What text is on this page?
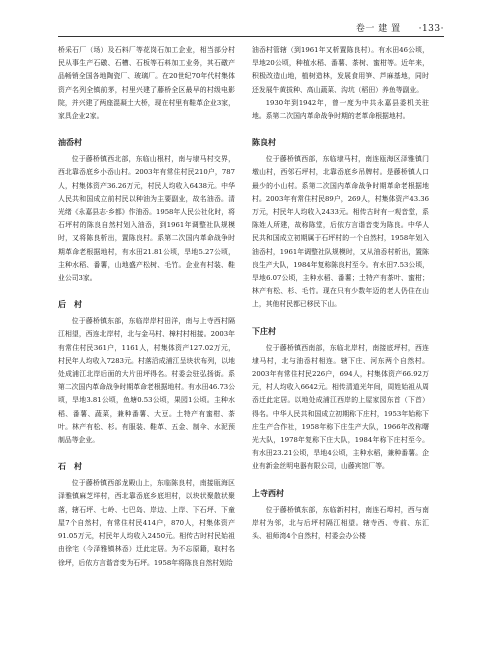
卷一 建 置 ·133·

桥采石厂（场）及石料厂等花岗石加工企业，相当部分村民从事生产石礅、石槽、石板等石料加工业务，其石礅产品畅销全国各地陶瓷厂、玻璃厂。在20世纪70年代村集体资产名列全镇前茅，村里兴建了藤桥全区最早的村级电影院，并兴建了两座混凝土大桥，现在村里有鞋革企业3家，家具企业2家。

油岙村

位于藤桥镇西北部，东临山根村，南与埭马村交界，西北靠岙底乡小岙山村。2003年有常住村民210户，787人，村集体资产36.26万元，村民人均收入6438元。中华人民共和国成立前村民以种油为主要副业，故名油岙。清光绪《永嘉县志·乡都》作油岙。1958年人民公社化时，将石坪村的陈良自然村划入油岙，到1961年调整社队规模时，又将陈良析出，置陈良村。系第二次国内革命战争时期革命老根据地村，有水田21.81公顷，旱地5.27公顷，主种水稻、番薯，山地盛产松树、毛竹。企业有村装、鞋业公司3家。

后　村

位于藤桥镇东部，东临岸岸村田洋，南与上寺西村隔江相望，西连北岸村，北与金马村、樟村村相接。2003年有常住村民361户，1161人，村集体资产127.02万元，村民年人均收入7283元。村落沿成浦江呈块状布列，以地处成浦江北岸后面的大片田坪得名。村委会驻弘扬街。系第二次国内革命战争时期革命老根据地村。有水田46.73公顷，旱地3.81公顷，鱼塘0.53公顷，果园1公顷。主种水稻、番薯、蔬菜，兼种番薯、大豆。土特产有蜜柑、茶叶。林产有松、杉。有服装、鞋革、五金、制伞、水泥预制品等企业。

石　村

位于藤桥镇西部龙殿山上，东临陈良村，南接瓯海区泽雅镇麻芝垟村，西北靠岙底乡底坦村，以块状聚散状聚落，辖石坪、七岭、七巴岛、岸边、上岸、下石坪、下童屋7个自然村，有常住村民414户，870人，村集体资产91.05万元，村民年人均收入2450元。相传古时村民始祖由徐宅（今泽雅镇林岙）迁此定居。为不忘原籍，取村名徐坪，后依方言谐音变为石坪。1958年将陈良自然村划给

油岙村管辖（到1961年又析置陈良村）。有水田46公顷，旱地20公顷，种植水稻、番薯、茶树、蜜柑等。近年来，积极改造山地，植树造林，发展食用笋、芦麻基地，同时还发展牛黄拔种、高山蔬菜、沟坑（稻田）养鱼等副业。

1930年到1942年，曾一度为中共永嘉县委机关驻地。系第二次国内革命战争时期的老革命根据地村。

陈良村

位于藤桥镇西部，东临埭马村，南连瓯海区泽雅镇门墩山村，西邻石坪村，北靠岙底乡吊牌村。是藤桥镇人口最少的小山村。系第二次国内革命战争时期革命老根据地村。2003年有常住村民89户，269人，村集体资产43.36万元，村民年人均收入2433元。相传古时有一观音堂，系陈姓人所建，故称陈堂，后依方言谐音变为陈良。中华人民共和国成立初期属于石坪村的一个自然村，1958年划入油岙村，1961年调整社队规模时，又从油岙村析出，置陈良生产大队，1984年复称陈良村至今。有水田7.53公顷，旱地6.07公顷，主种水稻、番薯；土特产有茶叶、蜜柑；林产有松、杉、毛竹。现在只有少数年迈的老人仍住在山上，其他村民都已移民下山。

下庄村

位于藤桥镇西南部，东临北岸村，南接底坪村，西连埭马村，北与油岙村相连。辖下庄、河东两个自然村。2003年有常住村民226户，694人，村集体资产66.92万元，村人均收入6642元。相传清道光年间，周姓始祖从周岙迁此定居。以地处成浦江西岸的上屋家园东首（下首）得名。中华人民共和国成立初期称下庄村，1953年始称下庄生产合作社，1958年称下庄生产大队，1966年改称曙光大队，1978年复称下庄大队，1984年称下庄村至今。有水田23.21公顷，旱地4公顷，主种水稻，兼种番薯。企业有新金丝明电器有限公司，山藤宾馆厂等。

上寺西村

位于藤桥镇东部，东临新村村，南连石埠村，西与南岸村为邻，北与后坪村隔江相望。辖寺西、寺前、东汇头、祖师湾4个自然村，村委会办公楼
